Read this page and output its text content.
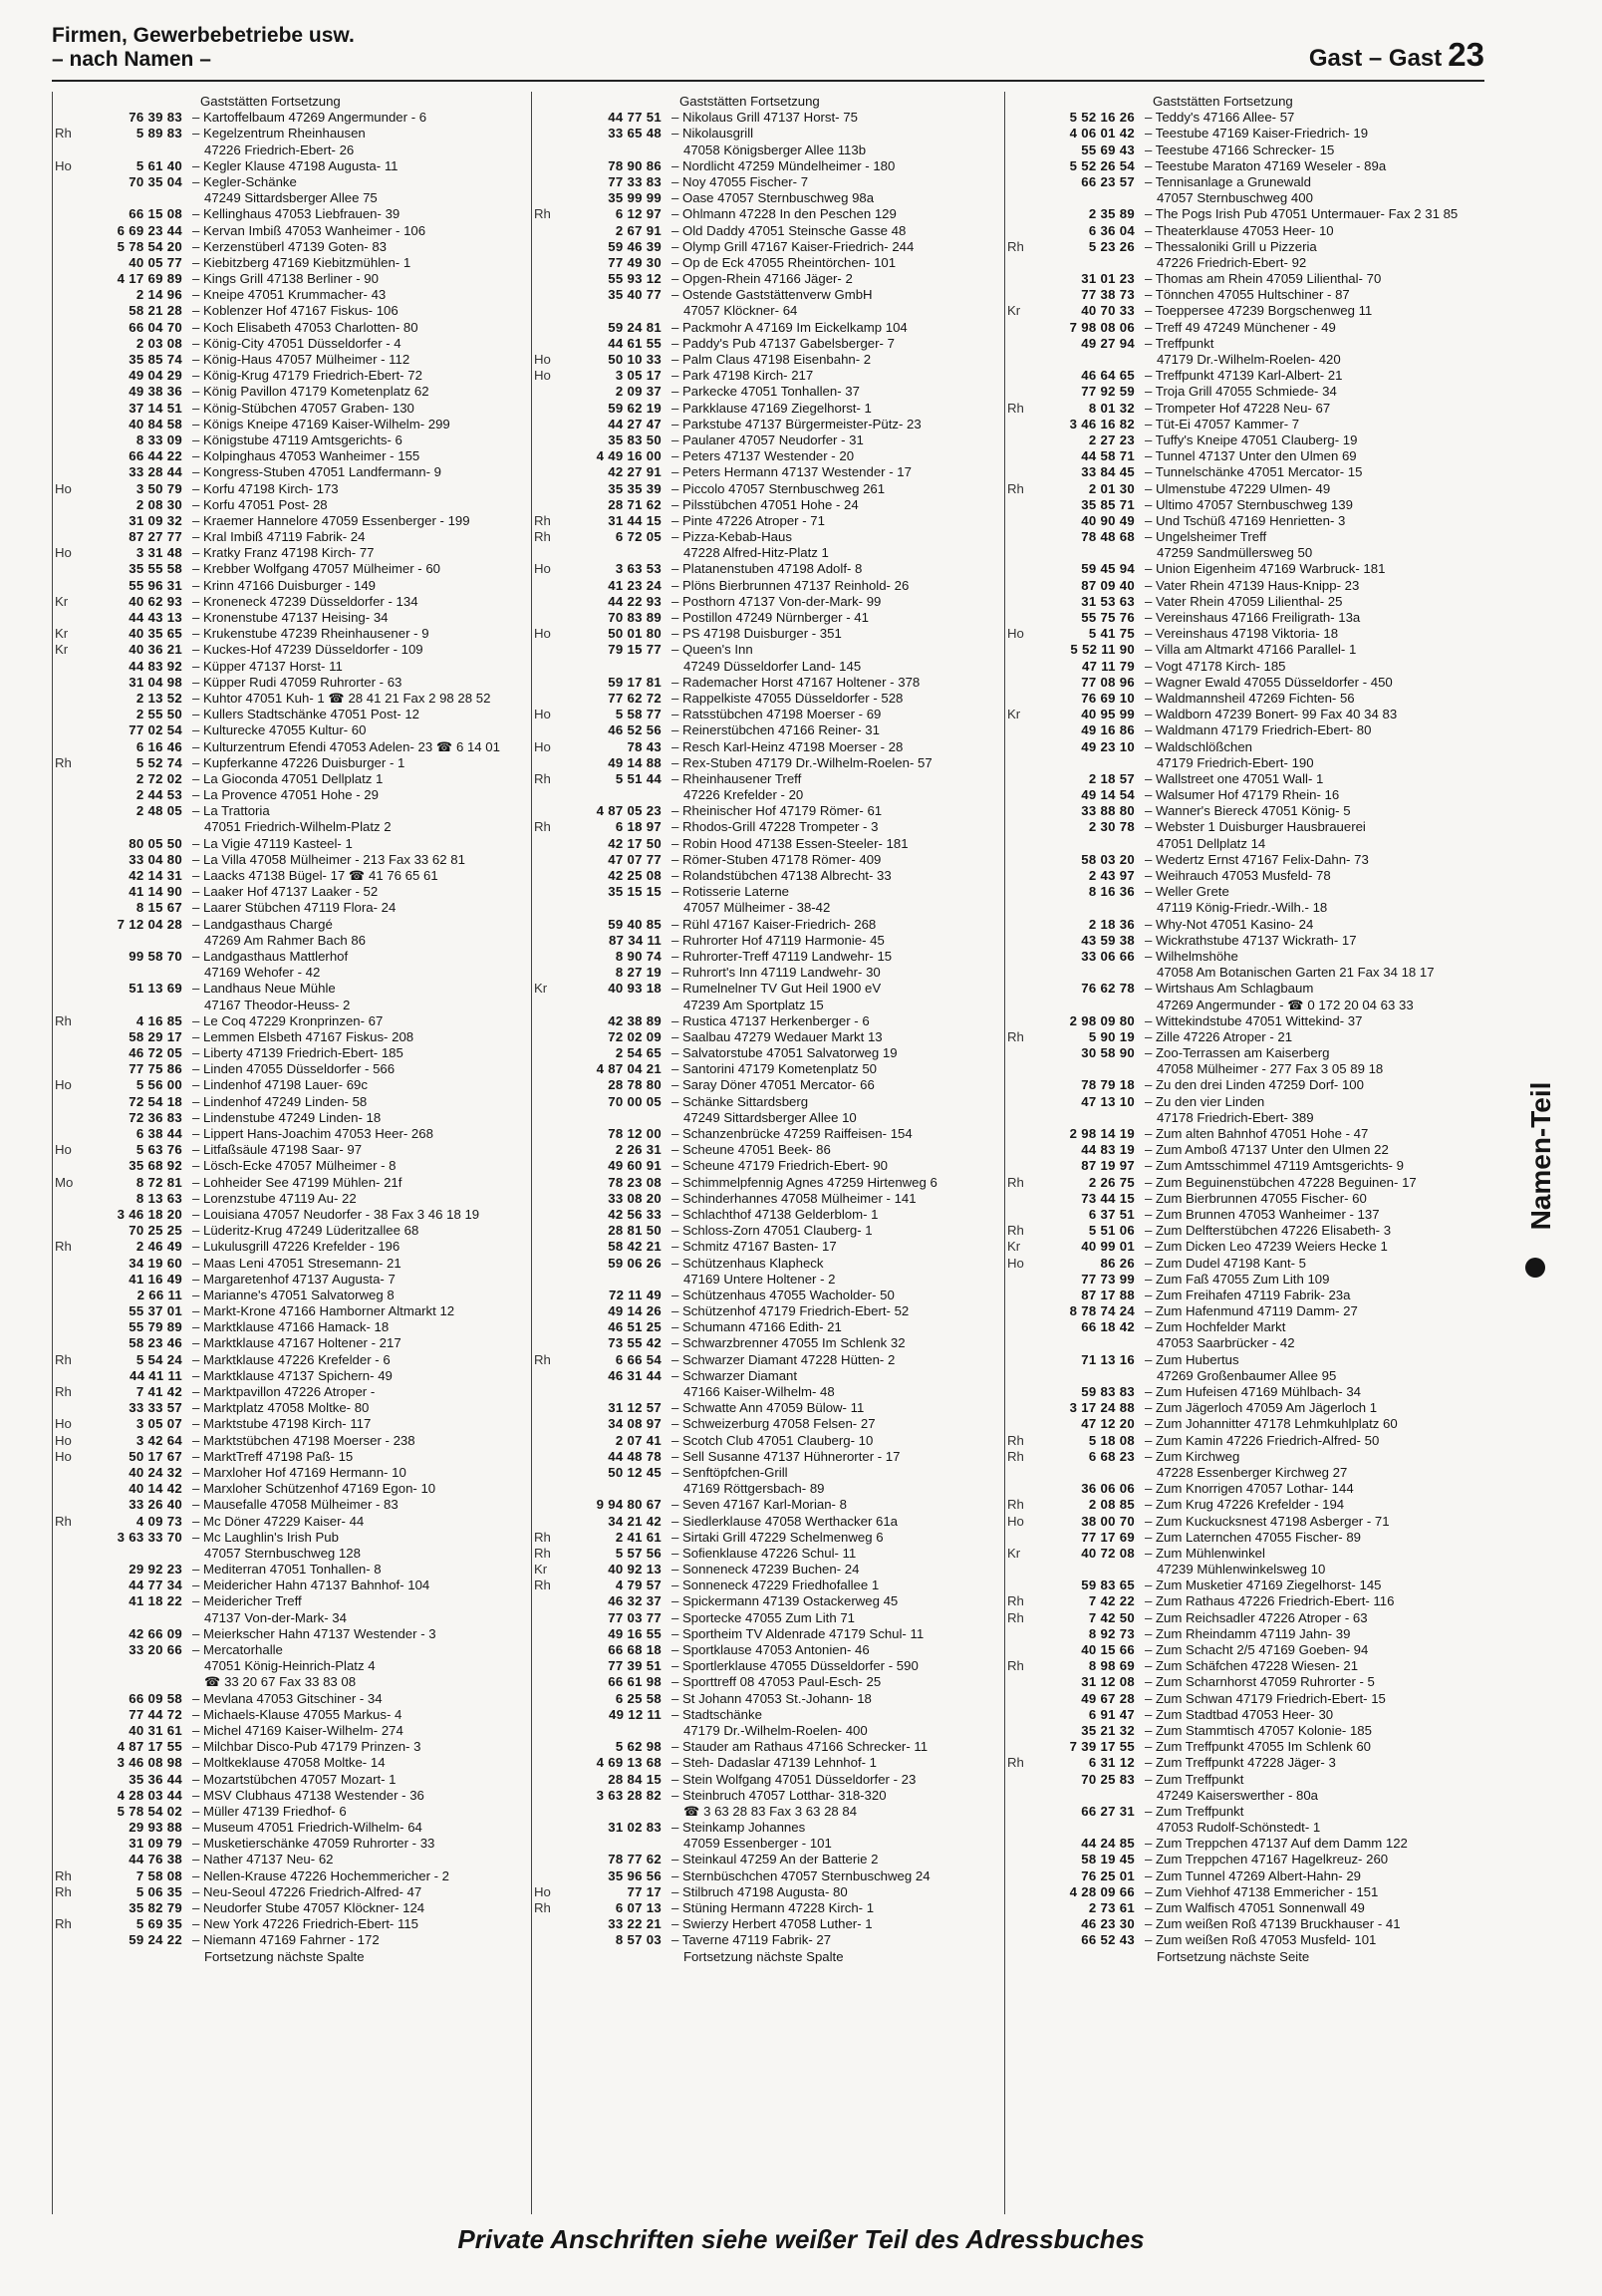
Firmen, Gewerbebetriebe usw.
– nach Namen –	Gast – Gast 23
Gaststätten Fortsetzung
76 39 83 – Kartoffelbaum 47269 Angermunder - 6
Rh	5 89 83 – Kegelzentrum Rheinhausen
47226 Friedrich-Ebert- 26
Ho	5 61 40 – Kegler Klause 47198 Augusta- 11
70 35 04 – Kegler-Schänke
47249 Sittardsberger Allee 75
66 15 08 – Kellinghaus 47053 Liebfrauen- 39
6 69 23 44 – Kervan Imbiß 47053 Wanheimer - 106
5 78 54 20 – Kerzenstüberl 47139 Goten- 83
40 05 77 – Kiebitzberg 47169 Kiebitzmühlen- 1
4 17 69 89 – Kings Grill 47138 Berliner - 90
2 14 96 – Kneipe 47051 Krummacher- 43
58 21 28 – Koblenzer Hof 47167 Fiskus- 106
66 04 70 – Koch Elisabeth 47053 Charlotten- 80
2 03 08 – König-City 47051 Düsseldorfer - 4
35 85 74 – König-Haus 47057 Mülheimer - 112
49 04 29 – König-Krug 47179 Friedrich-Ebert- 72
49 38 36 – König Pavillon 47179 Kometenplatz 62
37 14 51 – König-Stübchen 47057 Graben- 130
40 84 58 – Königs Kneipe 47169 Kaiser-Wilhelm- 299
8 33 09 – Königstube 47119 Amtsgerichts- 6
66 44 22 – Kolpinghaus 47053 Wanheimer - 155
33 28 44 – Kongress-Stuben 47051 Landfermann- 9
Ho	3 50 79 – Korfu 47198 Kirch- 173
2 08 30 – Korfu 47051 Post- 28
31 09 32 – Kraemer Hannelore 47059 Essenberger - 199
87 27 77 – Kral Imbiß 47119 Fabrik- 24
Ho	3 31 48 – Kratky Franz 47198 Kirch- 77
35 55 58 – Krebber Wolfgang 47057 Mülheimer - 60
55 96 31 – Krinn 47166 Duisburger - 149
Kr	40 62 93 – Kroneneck 47239 Düsseldorfer - 134
44 43 13 – Kronenstube 47137 Heising- 34
Kr	40 35 65 – Krukenstube 47239 Rheinhausener - 9
Kr	40 36 21 – Kuckes-Hof 47239 Düsseldorfer - 109
44 83 92 – Küpper 47137 Horst- 11
31 04 98 – Küpper Rudi 47059 Ruhrorter - 63
2 13 52 – Kuhtor 47051 Kuh- 1 ☎ 28 41 21 Fax 2 98 28 52
2 55 50 – Kullers Stadtschänke 47051 Post- 12
77 02 54 – Kulturecke 47055 Kultur- 60
6 16 46 – Kulturzentrum Efendi 47053 Adelen- 23 ☎ 6 14 01
Rh	5 52 74 – Kupferkanne 47226 Duisburger - 1
2 72 02 – La Gioconda 47051 Dellplatz 1
2 44 53 – La Provence 47051 Hohe - 29
2 48 05 – La Trattoria
47051 Friedrich-Wilhelm-Platz 2
80 05 50 – La Vigie 47119 Kasteel- 1
33 04 80 – La Villa 47058 Mülheimer - 213 Fax 33 62 81
42 14 31 – Laacks 47138 Bügel- 17 ☎ 41 76 65 61
41 14 90 – Laaker Hof 47137 Laaker - 52
8 15 67 – Laarer Stübchen 47119 Flora- 24
7 12 04 28 – Landgasthaus Chargé
47269 Am Rahmer Bach 86
99 58 70 – Landgasthaus Mattlerhof
47169 Wehofer - 42
51 13 69 – Landhaus Neue Mühle
47167 Theodor-Heuss- 2
Rh	4 16 85 – Le Coq 47229 Kronprinzen- 67
58 29 17 – Lemmen Elsbeth 47167 Fiskus- 208
46 72 05 – Liberty 47139 Friedrich-Ebert- 185
77 75 86 – Linden 47055 Düsseldorfer - 566
Ho	5 56 00 – Lindenhof 47198 Lauer- 69c
72 54 18 – Lindenhof 47249 Linden- 58
72 36 83 – Lindenstube 47249 Linden- 18
6 38 44 – Lippert Hans-Joachim 47053 Heer- 268
Ho	5 63 76 – Litfaßsäule 47198 Saar- 97
35 68 92 – Lösch-Ecke 47057 Mülheimer - 8
Mo	8 72 81 – Lohheider See 47199 Mühlen- 21f
8 13 63 – Lorenzstube 47119 Au- 22
3 46 18 20 – Louisiana 47057 Neudorfer - 38 Fax 3 46 18 19
70 25 25 – Lüderitz-Krug 47249 Lüderitzallee 68
Rh	2 46 49 – Lukulusgrill 47226 Krefelder - 196
34 19 60 – Maas Leni 47051 Stresemann- 21
41 16 49 – Margaretenhof 47137 Augusta- 7
2 66 11 – Marianne's 47051 Salvatorweg 8
55 37 01 – Markt-Krone 47166 Hamborner Altmarkt 12
55 79 89 – Marktklause 47166 Hamack- 18
58 23 46 – Marktklause 47167 Holtener - 217
Rh	5 54 24 – Marktklause 47226 Krefelder - 6
44 41 11 – Marktklause 47137 Spichern- 49
Rh	7 41 42 – Marktpavillon 47226 Atroper -
33 33 57 – Marktplatz 47058 Moltke- 80
Ho	3 05 07 – Marktstube 47198 Kirch- 117
Ho	3 42 64 – Marktstübchen 47198 Moerser - 238
Ho	50 17 67 – MarktTreff 47198 Paß- 15
40 24 32 – Marxloher Hof 47169 Hermann- 10
40 14 42 – Marxloher Schützenhof 47169 Egon- 10
33 26 40 – Mausefalle 47058 Mülheimer - 83
Rh	4 09 73 – Mc Döner 47229 Kaiser- 44
3 63 33 70 – Mc Laughlin's Irish Pub
47057 Sternbuschweg 128
29 92 23 – Mediterran 47051 Tonhallen- 8
44 77 34 – Meidericher Hahn 47137 Bahnhof- 104
41 18 22 – Meidericher Treff
47137 Von-der-Mark- 34
42 66 09 – Meierkscher Hahn 47137 Westender - 3
33 20 66 – Mercatorhalle
47051 König-Heinrich-Platz 4
☎ 33 20 67 Fax 33 83 08
66 09 58 – Mevlana 47053 Gitschiner - 34
77 44 72 – Michaels-Klause 47055 Markus- 4
40 31 61 – Michel 47169 Kaiser-Wilhelm- 274
4 87 17 55 – Milchbar Disco-Pub 47179 Prinzen- 3
3 46 08 98 – Moltkeklause 47058 Moltke- 14
35 36 44 – Mozartstübchen 47057 Mozart- 1
4 28 03 44 – MSV Clubhaus 47138 Westender - 36
5 78 54 02 – Müller 47139 Friedhof- 6
29 93 88 – Museum 47051 Friedrich-Wilhelm- 64
31 09 79 – Musketierschänke 47059 Ruhrorter - 33
44 76 38 – Nather 47137 Neu- 62
Rh	7 58 08 – Nellen-Krause 47226 Hochemmericher - 2
Rh	5 06 35 – Neu-Seoul 47226 Friedrich-Alfred- 47
35 82 79 – Neudorfer Stube 47057 Klöckner- 124
Rh	5 69 35 – New York 47226 Friedrich-Ebert- 115
59 24 22 – Niemann 47169 Fahrner - 172
Fortsetzung nächste Spalte
Gaststätten Fortsetzung
44 77 51 – Nikolaus Grill 47137 Horst- 75
33 65 48 – Nikolausgrill
47058 Königsberger Allee 113b
78 90 86 – Nordlicht 47259 Mündelheimer - 180
77 33 83 – Noy 47055 Fischer- 7
35 99 99 – Oase 47057 Sternbuschweg 98a
Rh	6 12 97 – Ohlmann 47228 In den Peschen 129
2 67 91 – Old Daddy 47051 Steinsche Gasse 48
59 46 39 – Olymp Grill 47167 Kaiser-Friedrich- 244
77 49 30 – Op de Eck 47055 Rheintörchen- 101
55 93 12 – Opgen-Rhein 47166 Jäger- 2
35 40 77 – Ostende Gaststättenverw GmbH
47057 Klöckner- 64
59 24 81 – Packmohr A 47169 Im Eickelkamp 104
44 61 55 – Paddy's Pub 47137 Gabelsberger- 7
Ho	50 10 33 – Palm Claus 47198 Eisenbahn- 2
Ho	3 05 17 – Park 47198 Kirch- 217
2 09 37 – Parkecke 47051 Tonhallen- 37
59 62 19 – Parkklause 47169 Ziegelhorst- 1
44 27 47 – Parkstube 47137 Bürgermeister-Pütz- 23
35 83 50 – Paulaner 47057 Neudorfer - 31
4 49 16 00 – Peters 47137 Westender - 20
42 27 91 – Peters Hermann 47137 Westender - 17
35 35 39 – Piccolo 47057 Sternbuschweg 261
28 71 62 – Pilsstübchen 47051 Hohe - 24
Rh	31 44 15 – Pinte 47226 Atroper - 71
Rh	6 72 05 – Pizza-Kebab-Haus
47228 Alfred-Hitz-Platz 1
Ho	3 63 53 – Platanenstuben 47198 Adolf- 8
41 23 24 – Plöns Bierbrunnen 47137 Reinhold- 26
44 22 93 – Posthorn 47137 Von-der-Mark- 99
70 83 89 – Postillon 47249 Nürnberger - 41
Ho	50 01 80 – PS 47198 Duisburger - 351
79 15 77 – Queen's Inn
47249 Düsseldorfer Land- 145
59 17 81 – Rademacher Horst 47167 Holtener - 378
77 62 72 – Rappelkiste 47055 Düsseldorfer - 528
Ho	5 58 77 – Ratsstübchen 47198 Moerser - 69
46 52 56 – Reinerstübchen 47166 Reiner- 31
Ho	78 43 – Resch Karl-Heinz 47198 Moerser - 28
49 14 88 – Rex-Stuben 47179 Dr.-Wilhelm-Roelen- 57
Rh	5 51 44 – Rheinhausener Treff
47226 Krefelder - 20
4 87 05 23 – Rheinischer Hof 47179 Römer- 61
Rh	6 18 97 – Rhodos-Grill 47228 Trompeter - 3
42 17 50 – Robin Hood 47138 Essen-Steeler- 181
47 07 77 – Römer-Stuben 47178 Römer- 409
42 25 08 – Rolandstübchen 47138 Albrecht- 33
35 15 15 – Rotisserie Laterne
47057 Mülheimer - 38-42
59 40 85 – Rühl 47167 Kaiser-Friedrich- 268
87 34 11 – Ruhrorter Hof 47119 Harmonie- 45
8 90 74 – Ruhrorter-Treff 47119 Landwehr- 15
8 27 19 – Ruhrort's Inn 47119 Landwehr- 30
Kr	40 93 18 – Rumelnelner TV Gut Heil 1900 eV
47239 Am Sportplatz 15
42 38 89 – Rustica 47137 Herkenberger - 6
72 02 09 – Saalbau 47279 Wedauer Markt 13
2 54 65 – Salvatorstube 47051 Salvatorweg 19
4 87 04 21 – Santorini 47179 Kometenplatz 50
28 78 80 – Saray Döner 47051 Mercator- 66
70 00 05 – Schänke Sittardsberg
47249 Sittardsberger Allee 10
78 12 00 – Schanzenbrücke 47259 Raiffeisen- 154
2 26 31 – Scheune 47051 Beek- 86
49 60 91 – Scheune 47179 Friedrich-Ebert- 90
78 23 08 – Schimmelpfennig Agnes 47259 Hirtenweg 6
33 08 20 – Schinderhannes 47058 Mülheimer - 141
42 56 33 – Schlachthof 47138 Gelderblom- 1
28 81 50 – Schloss-Zorn 47051 Clauberg- 1
58 42 21 – Schmitz 47167 Basten- 17
59 06 26 – Schützenhaus Klapheck
47169 Untere Holtener - 2
72 11 49 – Schützenhaus 47055 Wacholder- 50
49 14 26 – Schützenhof 47179 Friedrich-Ebert- 52
46 51 25 – Schumann 47166 Edith- 21
73 55 42 – Schwarzbrenner 47055 Im Schlenk 32
Rh	6 66 54 – Schwarzer Diamant 47228 Hütten- 2
46 31 44 – Schwarzer Diamant
47166 Kaiser-Wilhelm- 48
31 12 57 – Schwatte Ann 47059 Bülow- 11
34 08 97 – Schweizerburg 47058 Felsen- 27
2 07 41 – Scotch Club 47051 Clauberg- 10
44 48 78 – Sell Susanne 47137 Hühnerorter - 17
50 12 45 – Senftöpfchen-Grill
47169 Röttgersbach- 89
9 94 80 67 – Seven 47167 Karl-Morian- 8
34 21 42 – Siedlerklause 47058 Werthacker 61a
Rh	2 41 61 – Sirtaki Grill 47229 Schelmenweg 6
Rh	5 57 56 – Sofienklause 47226 Schul- 11
Kr	40 92 13 – Sonneneck 47239 Buchen- 24
Rh	4 79 57 – Sonneneck 47229 Friedhofallee 1
46 32 37 – Spickermann 47139 Ostackerweg 45
77 03 77 – Sportecke 47055 Zum Lith 71
49 16 55 – Sportheim TV Aldenrade 47179 Schul- 11
66 68 18 – Sportklause 47053 Antonien- 46
77 39 51 – Sportlerklause 47055 Düsseldorfer - 590
66 61 98 – Sporttreff 08 47053 Paul-Esch- 25
6 25 58 – St Johann 47053 St.-Johann- 18
49 12 11 – Stadtschänke
47179 Dr.-Wilhelm-Roelen- 400
5 62 98 – Stauder am Rathaus 47166 Schrecker- 11
4 69 13 68 – Steh- Dadaslar 47139 Lehnhof- 1
28 84 15 – Stein Wolfgang 47051 Düsseldorfer - 23
3 63 28 82 – Steinbruch 47057 Lotthar- 318-320
☎ 3 63 28 83 Fax 3 63 28 84
31 02 83 – Steinkamp Johannes
47059 Essenberger - 101
78 77 62 – Steinkaul 47259 An der Batterie 2
35 96 56 – Sternbüschchen 47057 Sternbuschweg 24
Ho	77 17 – Stilbruch 47198 Augusta- 80
Rh	6 07 13 – Stüning Hermann 47228 Kirch- 1
33 22 21 – Swierzy Herbert 47058 Luther- 1
8 57 03 – Taverne 47119 Fabrik- 27
Fortsetzung nächste Spalte
Gaststätten Fortsetzung
5 52 16 26 – Teddy's 47166 Allee- 57
4 06 01 42 – Teestube 47169 Kaiser-Friedrich- 19
55 69 43 – Teestube 47166 Schrecker- 15
5 52 26 54 – Teestube Maraton 47169 Weseler - 89a
66 23 57 – Tennisanlage a Grunewald
47057 Sternbuschweg 400
2 35 89 – The Pogs Irish Pub 47051 Untermauer- Fax 2 31 85
6 36 04 – Theaterklause 47053 Heer- 10
Rh	5 23 26 – Thessaloniki Grill u Pizzeria
47226 Friedrich-Ebert- 92
31 01 23 – Thomas am Rhein 47059 Lilienthal- 70
77 38 73 – Tönnchen 47055 Hultschiner - 87
Kr	40 70 33 – Toeppersee 47239 Borgschenweg 11
7 98 08 06 – Treff 49 47249 Münchener - 49
49 27 94 – Treffpunkt
47179 Dr.-Wilhelm-Roelen- 420
46 64 65 – Treffpunkt 47139 Karl-Albert- 21
77 92 59 – Troja Grill 47055 Schmiede- 34
Rh	8 01 32 – Trompeter Hof 47228 Neu- 67
3 46 16 82 – Tüt-Ei 47057 Kammer- 7
2 27 23 – Tuffy's Kneipe 47051 Clauberg- 19
44 58 71 – Tunnel 47137 Unter den Ulmen 69
33 84 45 – Tunnelschänke 47051 Mercator- 15
Rh	2 01 30 – Ulmenstube 47229 Ulmen- 49
35 85 71 – Ultimo 47057 Sternbuschweg 139
40 90 49 – Und Tschüß 47169 Henrietten- 3
78 48 68 – Ungelsheimer Treff
47259 Sandmüllersweg 50
59 45 94 – Union Eigenheim 47169 Warbruck- 181
87 09 40 – Vater Rhein 47139 Haus-Knipp- 23
31 53 63 – Vater Rhein 47059 Lilienthal- 25
55 75 76 – Vereinshaus 47166 Freiligrath- 13a
Ho	5 41 75 – Vereinshaus 47198 Viktoria- 18
5 52 11 90 – Villa am Altmarkt 47166 Parallel- 1
47 11 79 – Vogt 47178 Kirch- 185
77 08 96 – Wagner Ewald 47055 Düsseldorfer - 450
76 69 10 – Waldmannsheil 47269 Fichten- 56
Kr	40 95 99 – Waldborn 47239 Bonert- 99 Fax 40 34 83
49 16 86 – Waldmann 47179 Friedrich-Ebert- 80
49 23 10 – Waldschlößchen
47179 Friedrich-Ebert- 190
2 18 57 – Wallstreet one 47051 Wall- 1
49 14 54 – Walsumer Hof 47179 Rhein- 16
33 88 80 – Wanner's Biereck 47051 König- 5
2 30 78 – Webster 1 Duisburger Hausbrauerei
47051 Dellplatz 14
58 03 20 – Wedertz Ernst 47167 Felix-Dahn- 73
2 43 97 – Weihrauch 47053 Musfeld- 78
8 16 36 – Weller Grete
47119 König-Friedr.-Wilh.- 18
2 18 36 – Why-Not 47051 Kasino- 24
43 59 38 – Wickrathstube 47137 Wickrath- 17
33 06 66 – Wilhelmshöhe
47058 Am Botanischen Garten 21 Fax 34 18 17
76 62 78 – Wirtshaus Am Schlagbaum
47269 Angermunder - ☎ 0 172 20 04 63 33
2 98 09 80 – Wittekindstube 47051 Wittekind- 37
Rh	5 90 19 – Zille 47226 Atroper - 21
30 58 90 – Zoo-Terrassen am Kaiserberg
47058 Mülheimer - 277 Fax 3 05 89 18
78 79 18 – Zu den drei Linden 47259 Dorf- 100
47 13 10 – Zu den vier Linden
47178 Friedrich-Ebert- 389
2 98 14 19 – Zum alten Bahnhof 47051 Hohe - 47
44 83 19 – Zum Amboß 47137 Unter den Ulmen 22
87 19 97 – Zum Amtsschimmel 47119 Amtsgerichts- 9
Rh	2 26 75 – Zum Beguinenstübchen 47228 Beguinen- 17
73 44 15 – Zum Bierbrunnen 47055 Fischer- 60
6 37 51 – Zum Brunnen 47053 Wanheimer - 137
Rh	5 51 06 – Zum Delfterstübchen 47226 Elisabeth- 3
Kr	40 99 01 – Zum Dicken Leo 47239 Weiers Hecke 1
Ho	86 26 – Zum Dudel 47198 Kant- 5
77 73 99 – Zum Faß 47055 Zum Lith 109
87 17 88 – Zum Freihafen 47119 Fabrik- 23a
8 78 74 24 – Zum Hafenmund 47119 Damm- 27
66 18 42 – Zum Hochfelder Markt
47053 Saarbrücker - 42
71 13 16 – Zum Hubertus
47269 Großenbaumer Allee 95
59 83 83 – Zum Hufeisen 47169 Mühlbach- 34
3 17 24 88 – Zum Jägerloch 47059 Am Jägerloch 1
47 12 20 – Zum Johannitter 47178 Lehmkuhlplatz 60
Rh	5 18 08 – Zum Kamin 47226 Friedrich-Alfred- 50
Rh	6 68 23 – Zum Kirchweg
47228 Essenberger Kirchweg 27
36 06 06 – Zum Knorrigen 47057 Lothar- 144
Rh	2 08 85 – Zum Krug 47226 Krefelder - 194
Ho	38 00 70 – Zum Kuckucksnest 47198 Asberger - 71
77 17 69 – Zum Laternchen 47055 Fischer- 89
Kr	40 72 08 – Zum Mühlenwinkel
47239 Mühlenwinkelsweg 10
59 83 65 – Zum Musketier 47169 Ziegelhorst- 145
Rh	7 42 22 – Zum Rathaus 47226 Friedrich-Ebert- 116
Rh	7 42 50 – Zum Reichsadler 47226 Atroper - 63
8 92 73 – Zum Rheindamm 47119 Jahn- 39
40 15 66 – Zum Schacht 2/5 47169 Goeben- 94
Rh	8 98 69 – Zum Schäfchen 47228 Wiesen- 21
31 12 08 – Zum Scharnhorst 47059 Ruhrorter - 5
49 67 28 – Zum Schwan 47179 Friedrich-Ebert- 15
6 91 47 – Zum Stadtbad 47053 Heer- 30
35 21 32 – Zum Stammtisch 47057 Kolonie- 185
7 39 17 55 – Zum Treffpunkt 47055 Im Schlenk 60
Rh	6 31 12 – Zum Treffpunkt 47228 Jäger- 3
70 25 83 – Zum Treffpunkt
47249 Kaiserswerther - 80a
66 27 31 – Zum Treffpunkt
47053 Rudolf-Schönstedt- 1
44 24 85 – Zum Treppchen 47137 Auf dem Damm 122
58 19 45 – Zum Treppchen 47167 Hagelkreuz- 260
76 25 01 – Zum Tunnel 47269 Albert-Hahn- 29
4 28 09 66 – Zum Viehhof 47138 Emmericher - 151
2 73 61 – Zum Walfisch 47051 Sonnenwall 49
46 23 30 – Zum weißen Roß 47139 Bruckhauser - 41
66 52 43 – Zum weißen Roß 47053 Musfeld- 101
Fortsetzung nächste Seite
Namen-Teil
Private Anschriften siehe weißer Teil des Adressbuches
